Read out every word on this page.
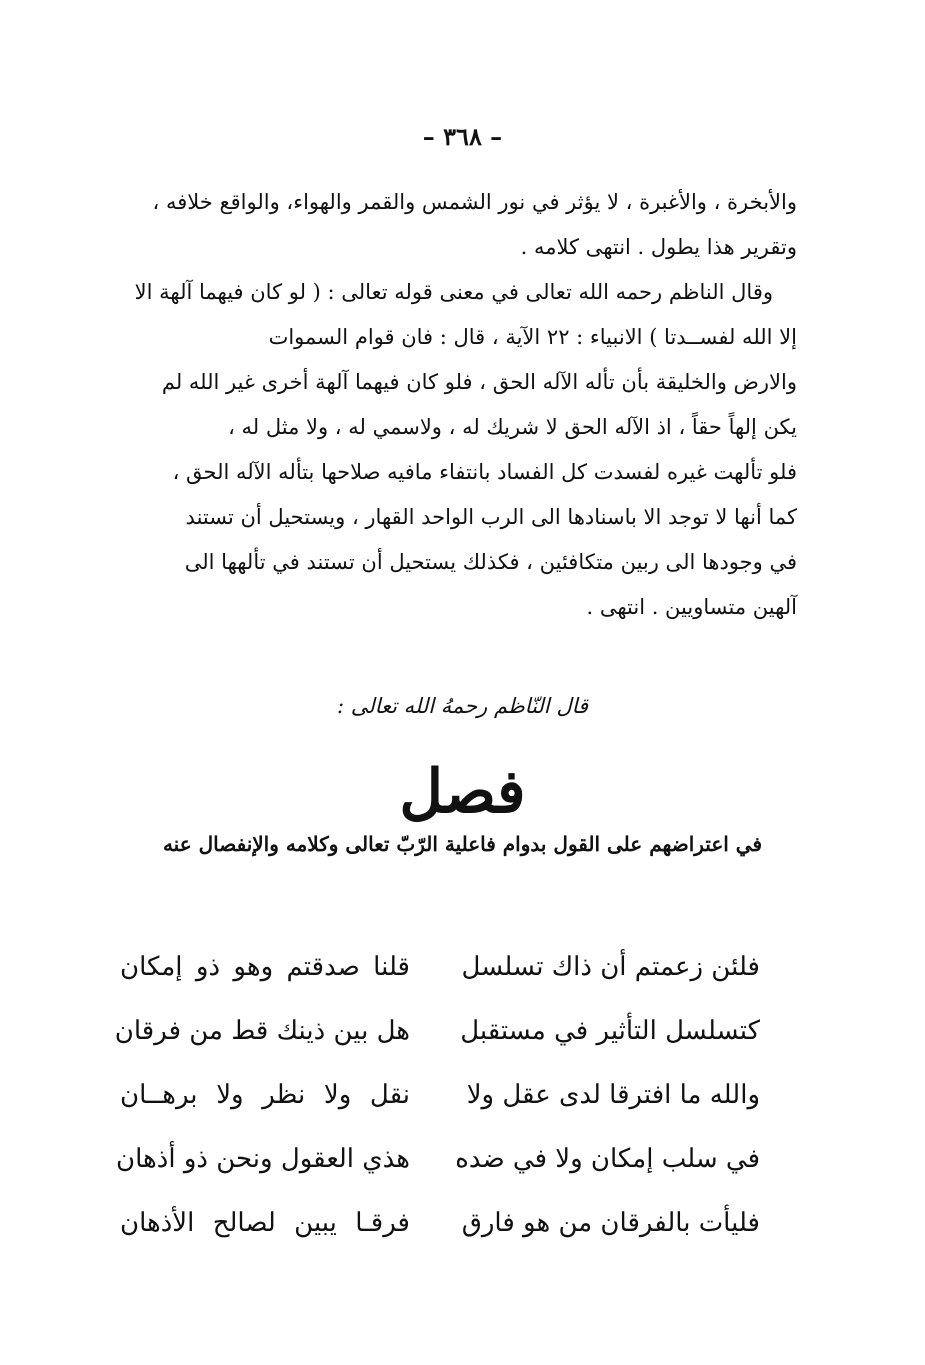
– ٣٦٨ –

والأبخرة ، والأغبرة ، لا يؤثر في نور الشمس والقمر والهواء، والواقع خلافه ،

وتقرير هذا يطول . انتهى كلامه .

وقال الناظم رحمه الله تعالى في معنى قوله تعالى : ( لو كان فيهما آلهة الا

إلا الله لفســدتا ) الانبياء : ٢٢ الآية ، قال : فان قوام السموات

والارض والخليقة بأن تأله الآله الحق ، فلو كان فيهما آلهة أخرى غير الله لم

يكن إلهاً حقاً ، اذ الآله الحق لا شريك له ، ولاسمي له ، ولا مثل له ،

فلو تألهت غيره لفسدت كل الفساد بانتفاء مافيه صلاحها بتأله الآله الحق ،

كما أنها لا توجد الا باسنادها الى الرب الواحد القهار ، ويستحيل أن تستند

في وجودها الى ربين متكافئين ، فكذلك يستحيل أن تستند في تألهها الى

آلهين متساويين . انتهى .

قال النّاظم رحمهُ الله تعالى :
فصل
في اعتراضهم على القول بدوام فاعلية الرّبّ تعالى وكلامه والإنفصال عنه
فلئن زعمتم أن ذاك تسلسل
قلنا صدقتم وهو ذو إمكان
كتسلسل التأثير في مستقبل
هل بين ذينك قط من فرقان
والله ما افترقا لدى عقل ولا
نقل ولا نظر ولا برهــان
في سلب إمكان ولا في ضده
هذي العقول ونحن ذو أذهان
فليأت بالفرقان من هو فارق
فرقـا يبين لصالح الأذهان
